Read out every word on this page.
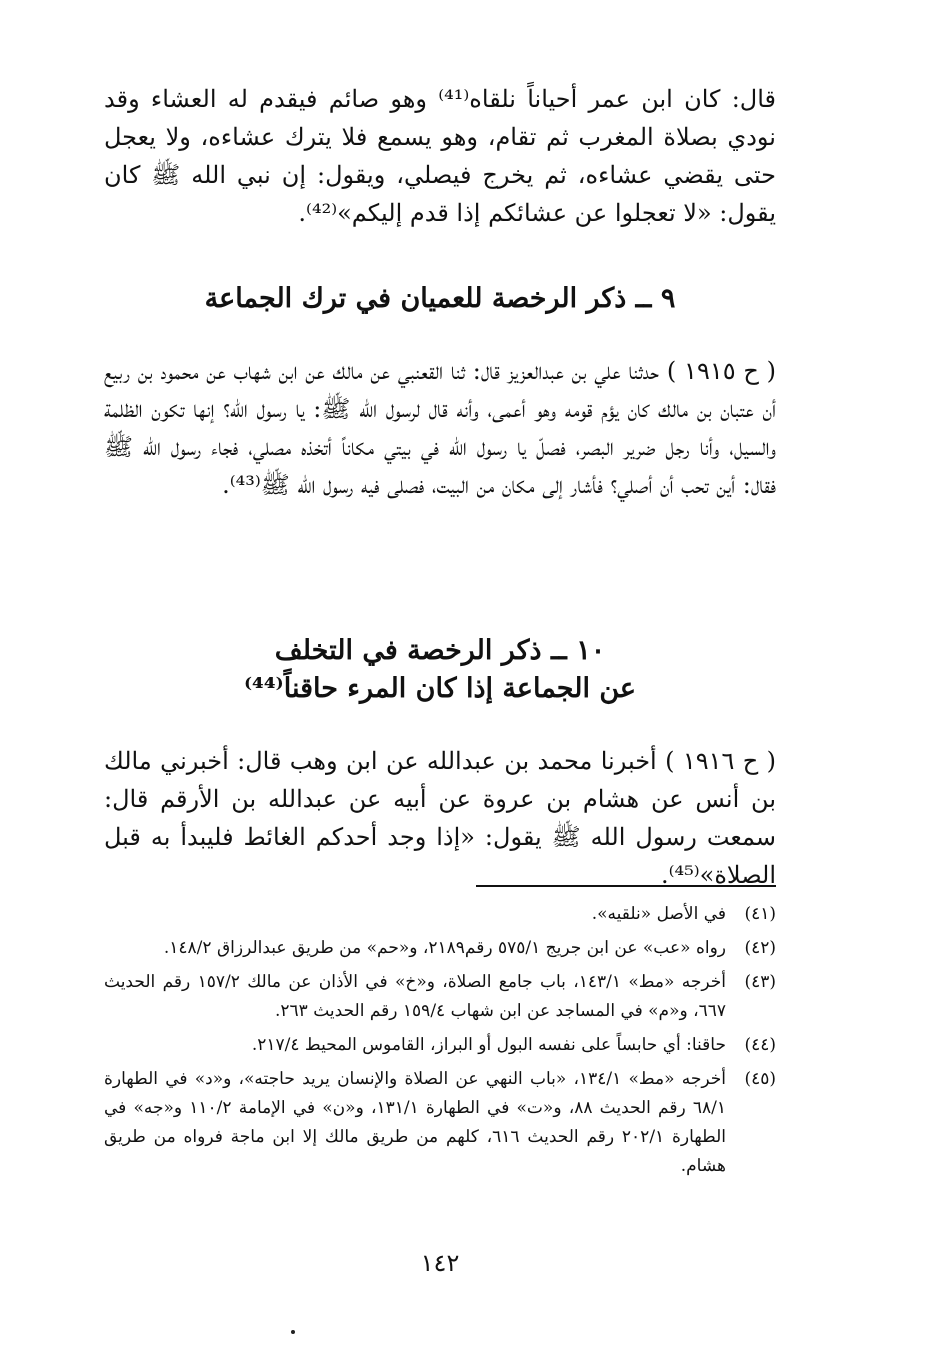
قال: كان ابن عمر أحياناً نلقاه⁽⁴¹⁾ وهو صائم فيقدم له العشاء وقد نودي بصلاة المغرب ثم تقام، وهو يسمع فلا يترك عشاءه، ولا يعجل حتى يقضي عشاءه، ثم يخرج فيصلي، ويقول: إن نبي الله ﷺ كان يقول: «لا تعجلوا عن عشائكم إذا قدم إليكم»⁽⁴²⁾.

٩ ــ ذكر الرخصة للعميان في ترك الجماعة

( ح ١٩١٥ ) حدثنا علي بن عبدالعزيز قال: ثنا القعنبي عن مالك عن ابن شهاب عن محمود بن ربيع أن عتبان بن مالك كان يؤم قومه وهو أعمى، وأنه قال لرسول الله ﷺ: يا رسول الله؟ إنها تكون الظلمة والسيل، وأنا رجل ضرير البصر، فصلّ يا رسول الله في بيتي مكاناً أتخذه مصلي، فجاء رسول الله ﷺ فقال: أين تحب أن أصلي؟ فأشار إلى مكان من البيت، فصلى فيه رسول الله ﷺ⁽⁴³⁾.

١٠ ــ ذكر الرخصة في التخلف
عن الجماعة إذا كان المرء حاقناً⁽⁴⁴⁾

( ح ١٩١٦ ) أخبرنا محمد بن عبدالله عن ابن وهب قال: أخبرني مالك بن أنس عن هشام بن عروة عن أبيه عن عبدالله بن الأرقم قال: سمعت رسول الله ﷺ يقول: «إذا وجد أحدكم الغائط فليبدأ به قبل الصلاة»⁽⁴⁵⁾.

(٤١)
في الأصل «نلقيه».
(٤٢)
رواه «عب» عن ابن جريج ٥٧٥/١ رقم٢١٨٩، و«حم» من طريق عبدالرزاق ١٤٨/٢.
(٤٣)
أخرجه «مط» ١٤٣/١، باب جامع الصلاة، و«خ» في الأذان عن مالك ١٥٧/٢ رقم الحديث ٦٦٧، و«م» في المساجد عن ابن شهاب ١٥٩/٤ رقم الحديث ٢٦٣.
(٤٤)
حاقنا: أي حابساً على نفسه البول أو البراز، القاموس المحيط ٢١٧/٤.
(٤٥)
أخرجه «مط» ١٣٤/١، «باب النهي عن الصلاة والإنسان يريد حاجته»، و«د» في الطهارة ٦٨/١ رقم الحديث ٨٨، و«ت» في الطهارة ١٣١/١، و«ن» في الإمامة ١١٠/٢ و«جه» في الطهارة ٢٠٢/١ رقم الحديث ٦١٦، كلهم من طريق مالك إلا ابن ماجة فرواه من طريق هشام.
١٤٢
